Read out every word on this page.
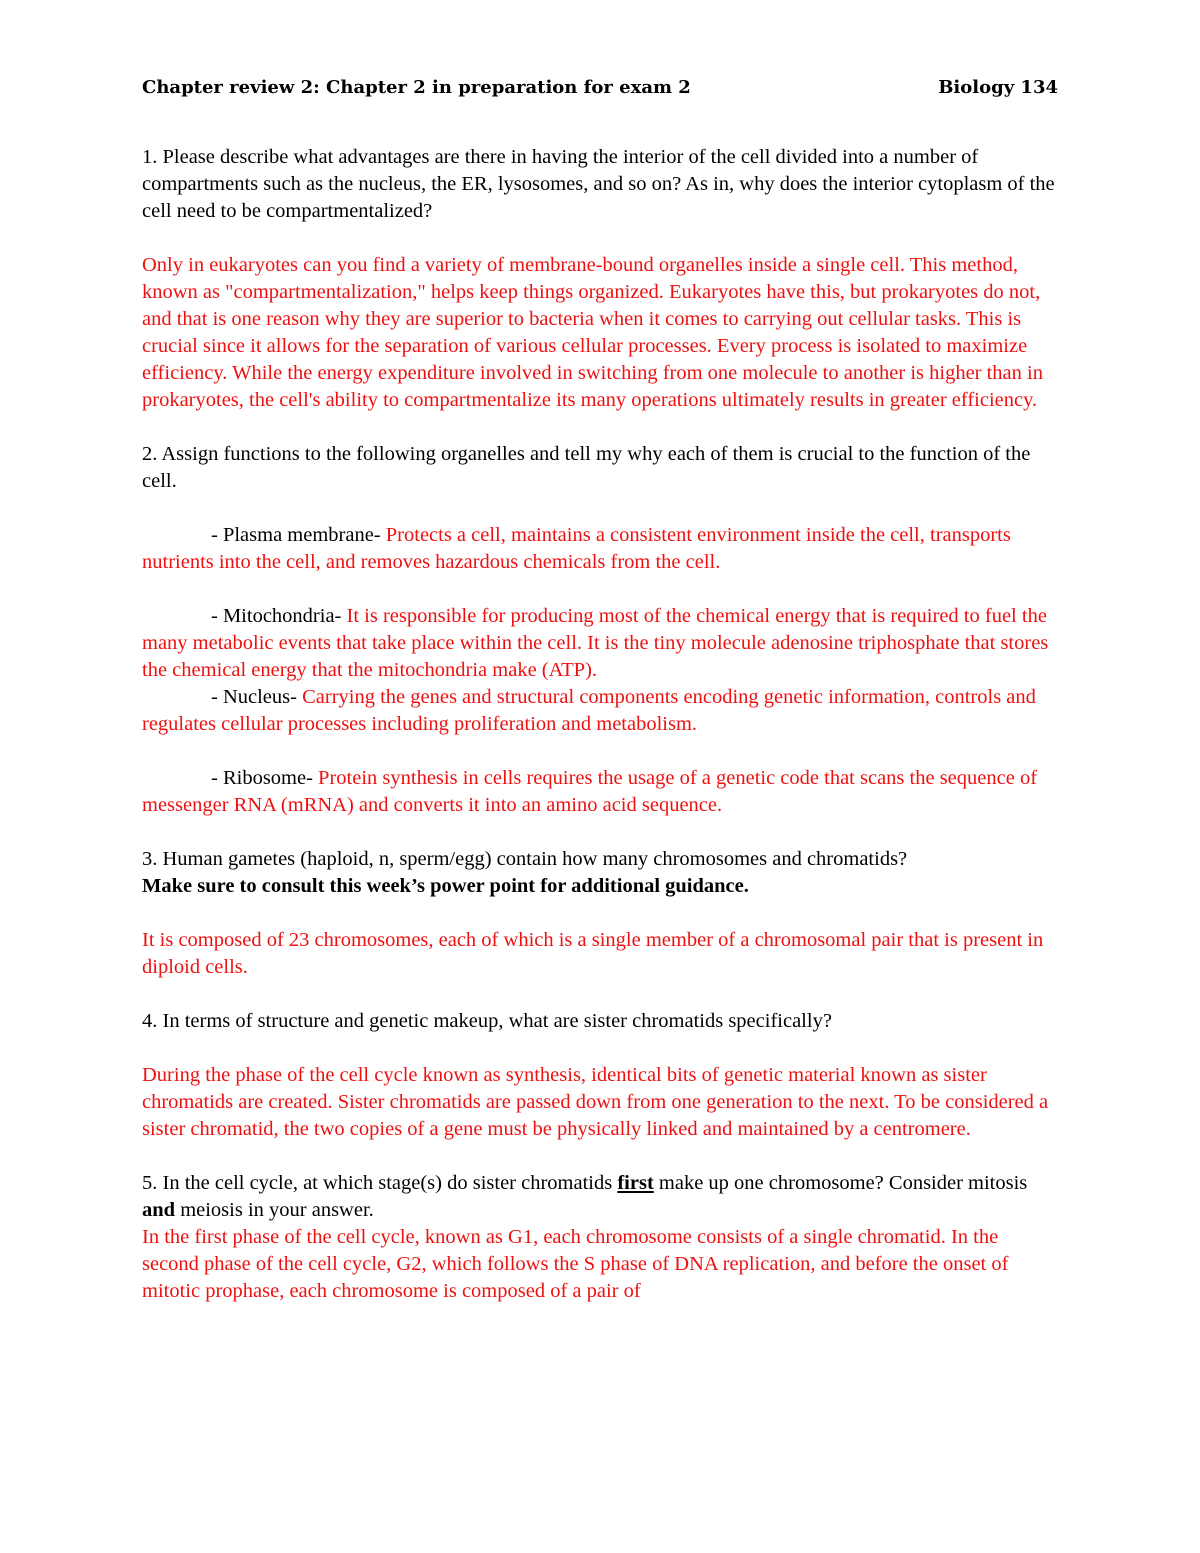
Chapter review 2: Chapter 2 in preparation for exam 2	Biology 134

1. Please describe what advantages are there in having the interior of the cell divided into a number of compartments such as the nucleus, the ER, lysosomes, and so on? As in, why does the interior cytoplasm of the cell need to be compartmentalized?

Only in eukaryotes can you find a variety of membrane-bound organelles inside a single cell. This method, known as "compartmentalization," helps keep things organized. Eukaryotes have this, but prokaryotes do not, and that is one reason why they are superior to bacteria when it comes to carrying out cellular tasks. This is crucial since it allows for the separation of various cellular processes. Every process is isolated to maximize efficiency. While the energy expenditure involved in switching from one molecule to another is higher than in prokaryotes, the cell's ability to compartmentalize its many operations ultimately results in greater efficiency.

2. Assign functions to the following organelles and tell my why each of them is crucial to the function of the cell.

- Plasma membrane- Protects a cell, maintains a consistent environment inside the cell, transports nutrients into the cell, and removes hazardous chemicals from the cell.

- Mitochondria- It is responsible for producing most of the chemical energy that is required to fuel the many metabolic events that take place within the cell. It is the tiny molecule adenosine triphosphate that stores the chemical energy that the mitochondria make (ATP).

- Nucleus- Carrying the genes and structural components encoding genetic information, controls and regulates cellular processes including proliferation and metabolism.

- Ribosome- Protein synthesis in cells requires the usage of a genetic code that scans the sequence of messenger RNA (mRNA) and converts it into an amino acid sequence.

3. Human gametes (haploid, n, sperm/egg) contain how many chromosomes and chromatids?

Make sure to consult this week’s power point for additional guidance.

It is composed of 23 chromosomes, each of which is a single member of a chromosomal pair that is present in diploid cells.

4. In terms of structure and genetic makeup, what are sister chromatids specifically?

During the phase of the cell cycle known as synthesis, identical bits of genetic material known as sister chromatids are created. Sister chromatids are passed down from one generation to the next. To be considered a sister chromatid, the two copies of a gene must be physically linked and maintained by a centromere.

5. In the cell cycle, at which stage(s) do sister chromatids first make up one chromosome? Consider mitosis and meiosis in your answer.

In the first phase of the cell cycle, known as G1, each chromosome consists of a single chromatid. In the second phase of the cell cycle, G2, which follows the S phase of DNA replication, and before the onset of mitotic prophase, each chromosome is composed of a pair of
